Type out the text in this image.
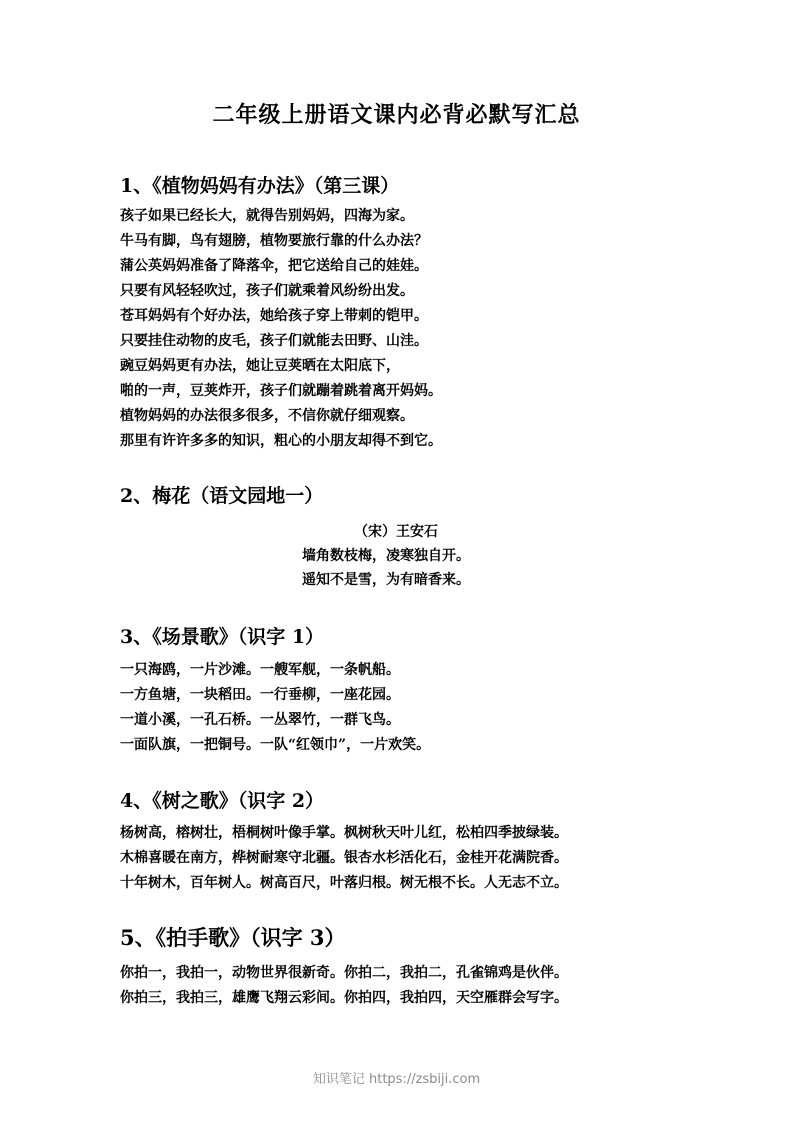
二年级上册语文课内必背必默写汇总
1、《植物妈妈有办法》（第三课）
孩子如果已经长大，就得告别妈妈，四海为家。
牛马有脚，鸟有翅膀，植物要旅行靠的什么办法？
蒲公英妈妈准备了降落伞，把它送给自己的娃娃。
只要有风轻轻吹过，孩子们就乘着风纷纷出发。
苍耳妈妈有个好办法，她给孩子穿上带刺的铠甲。
只要挂住动物的皮毛，孩子们就能去田野、山洼。
豌豆妈妈更有办法，她让豆荚晒在太阳底下，
啪的一声，豆荚炸开，孩子们就蹦着跳着离开妈妈。
植物妈妈的办法很多很多，不信你就仔细观察。
那里有许许多多的知识，粗心的小朋友却得不到它。
2、梅花（语文园地一）
（宋）王安石
墙角数枝梅，凌寒独自开。
遥知不是雪，为有暗香来。
3、《场景歌》（识字 1）
一只海鸥，一片沙滩。一艘军舰，一条帆船。
一方鱼塘，一块稻田。一行垂柳，一座花园。
一道小溪，一孔石桥。一丛翠竹，一群飞鸟。
一面队旗，一把铜号。一队“红领巾”，一片欢笑。
4、《树之歌》（识字 2）
杨树高，榕树壮，梧桐树叶像手掌。枫树秋天叶儿红，松柏四季披绿装。
木棉喜暖在南方，桦树耐寒守北疆。银杏水杉活化石，金桂开花满院香。
十年树木，百年树人。树高百尺，叶落归根。树无根不长。人无志不立。
5、《拍手歌》（识字 3）
你拍一，我拍一，动物世界很新奇。你拍二，我拍二，孔雀锦鸡是伙伴。
你拍三，我拍三，雄鹰飞翔云彩间。你拍四，我拍四，天空雁群会写字。
知识笔记 https://zsbiji.com
